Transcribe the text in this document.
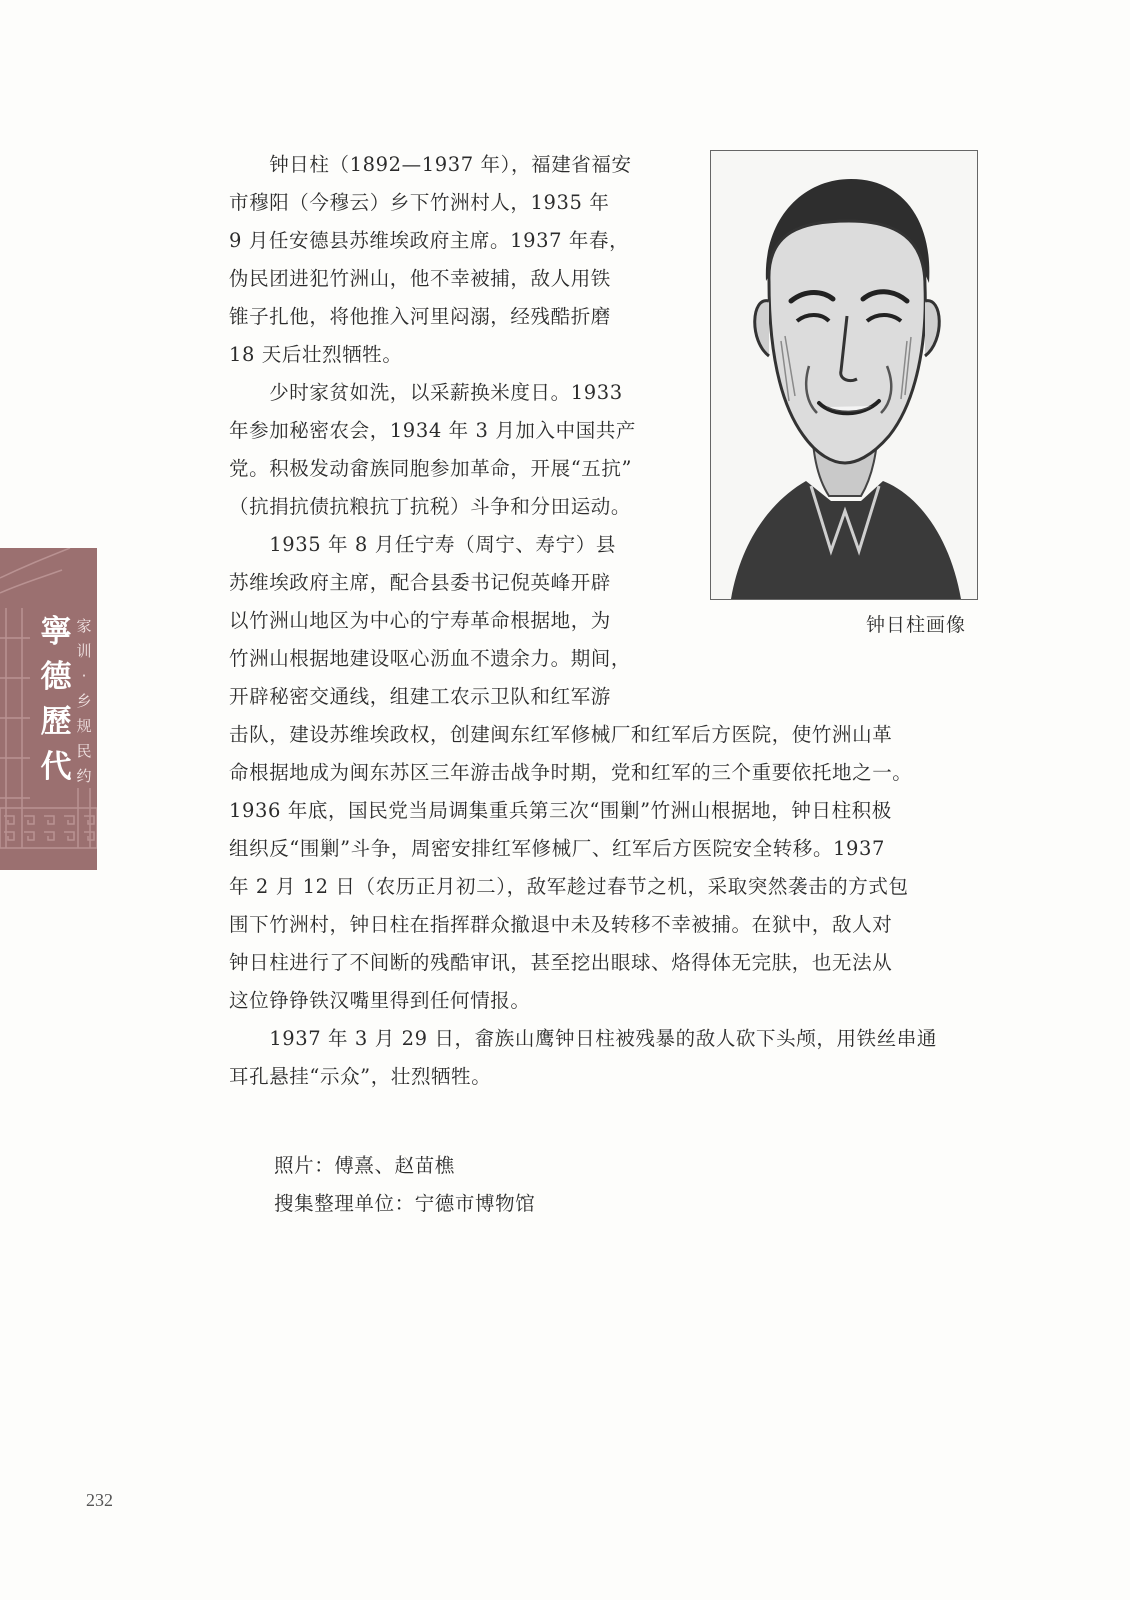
　　钟日柱（1892—1937 年），福建省福安

市穆阳（今穆云）乡下竹洲村人，1935 年

9 月任安德县苏维埃政府主席。1937 年春，

伪民团进犯竹洲山，他不幸被捕，敌人用铁

锥子扎他，将他推入河里闷溺，经残酷折磨

18 天后壮烈牺牲。

　　少时家贫如洗，以采薪换米度日。1933

年参加秘密农会，1934 年 3 月加入中国共产

党。积极发动畲族同胞参加革命，开展“五抗”

（抗捐抗债抗粮抗丁抗税）斗争和分田运动。

　　1935 年 8 月任宁寿（周宁、寿宁）县

苏维埃政府主席，配合县委书记倪英峰开辟

以竹洲山地区为中心的宁寿革命根据地，为

竹洲山根据地建设呕心沥血不遗余力。期间，

开辟秘密交通线，组建工农示卫队和红军游

击队，建设苏维埃政权，创建闽东红军修械厂和红军后方医院，使竹洲山革

命根据地成为闽东苏区三年游击战争时期，党和红军的三个重要依托地之一。

1936 年底，国民党当局调集重兵第三次“围剿”竹洲山根据地，钟日柱积极

组织反“围剿”斗争，周密安排红军修械厂、红军后方医院安全转移。1937

年 2 月 12 日（农历正月初二），敌军趁过春节之机，采取突然袭击的方式包

围下竹洲村，钟日柱在指挥群众撤退中未及转移不幸被捕。在狱中，敌人对

钟日柱进行了不间断的残酷审讯，甚至挖出眼球、烙得体无完肤，也无法从

这位铮铮铁汉嘴里得到任何情报。

　　1937 年 3 月 29 日，畲族山鹰钟日柱被残暴的敌人砍下头颅，用铁丝串通

耳孔悬挂“示众”，壮烈牺牲。

钟日柱画像

照片：傅熹、赵苗樵

搜集整理单位：宁德市博物馆

寧
德
歷
代
家
训
·
乡
规
民
约
232
